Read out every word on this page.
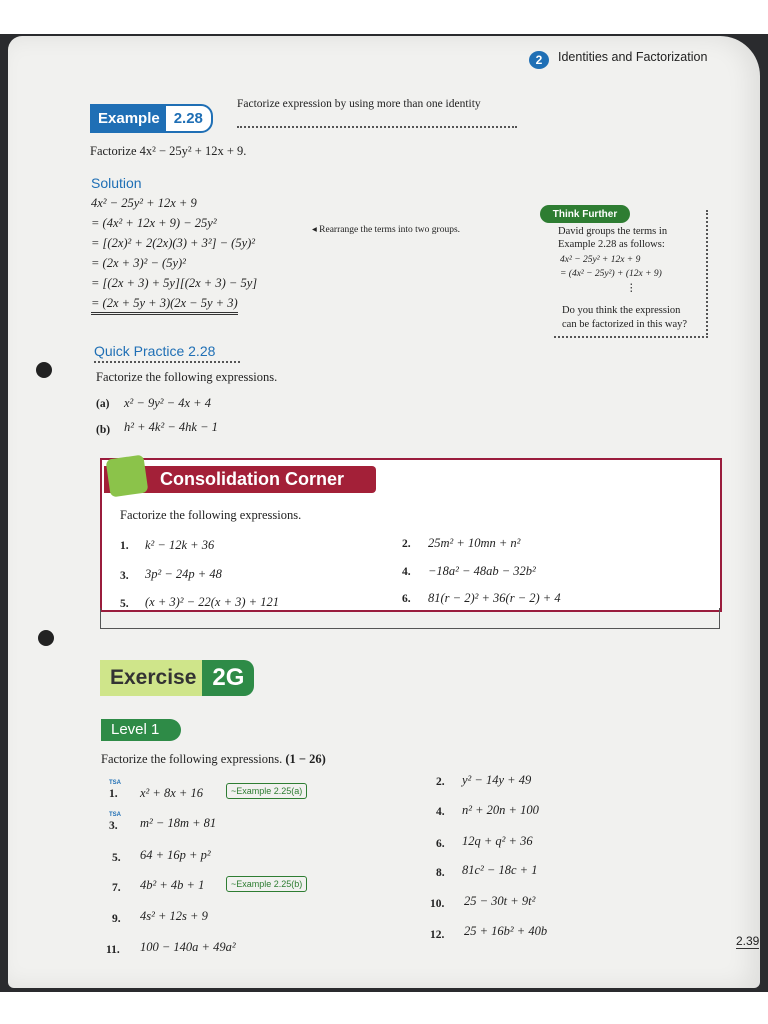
2	Identities and Factorization
Example 2.28
Factorize expression by using more than one identity
Factorize 4x² − 25y² + 12x + 9.
Solution
4x² − 25y² + 12x + 9
= (4x² + 12x + 9) − 25y²
= [(2x)² + 2(2x)(3) + 3²] − (5y)²
= (2x + 3)² − (5y)²
= [(2x + 3) + 5y][(2x + 3) − 5y]
= (2x + 5y + 3)(2x − 5y + 3)
◂ Rearrange the terms into two groups.
Think Further
David groups the terms in
Example 2.28 as follows:
4x² − 25y² + 12x + 9
= (4x² − 25y²) + (12x + 9)
⋮
Do you think the expression
can be factorized in this way?
Quick Practice 2.28
Factorize the following expressions.
(a) x² − 9y² − 4x + 4
(b) h² + 4k² − 4hk − 1
Consolidation Corner
Factorize the following expressions.
1. k² − 12k + 36	2. 25m² + 10mn + n²
3. 3p² − 24p + 48	4. −18a² − 48ab − 32b²
5. (x + 3)² − 22(x + 3) + 121	6. 81(r − 2)² + 36(r − 2) + 4
Exercise 2G
Level 1
Factorize the following expressions. (1 − 26)
TSA
1. x² + 8x + 16	~Example 2.25(a)
TSA
3. m² − 18m + 81
5. 64 + 16p + p²
7. 4b² + 4b + 1	~Example 2.25(b)
9. 4s² + 12s + 9
11. 100 − 140a + 49a²
2. y² − 14y + 49
4. n² + 20n + 100
6. 12q + q² + 36
8. 81c² − 18c + 1
10. 25 − 30t + 9t²
12. 25 + 16b² + 40b
2.39
